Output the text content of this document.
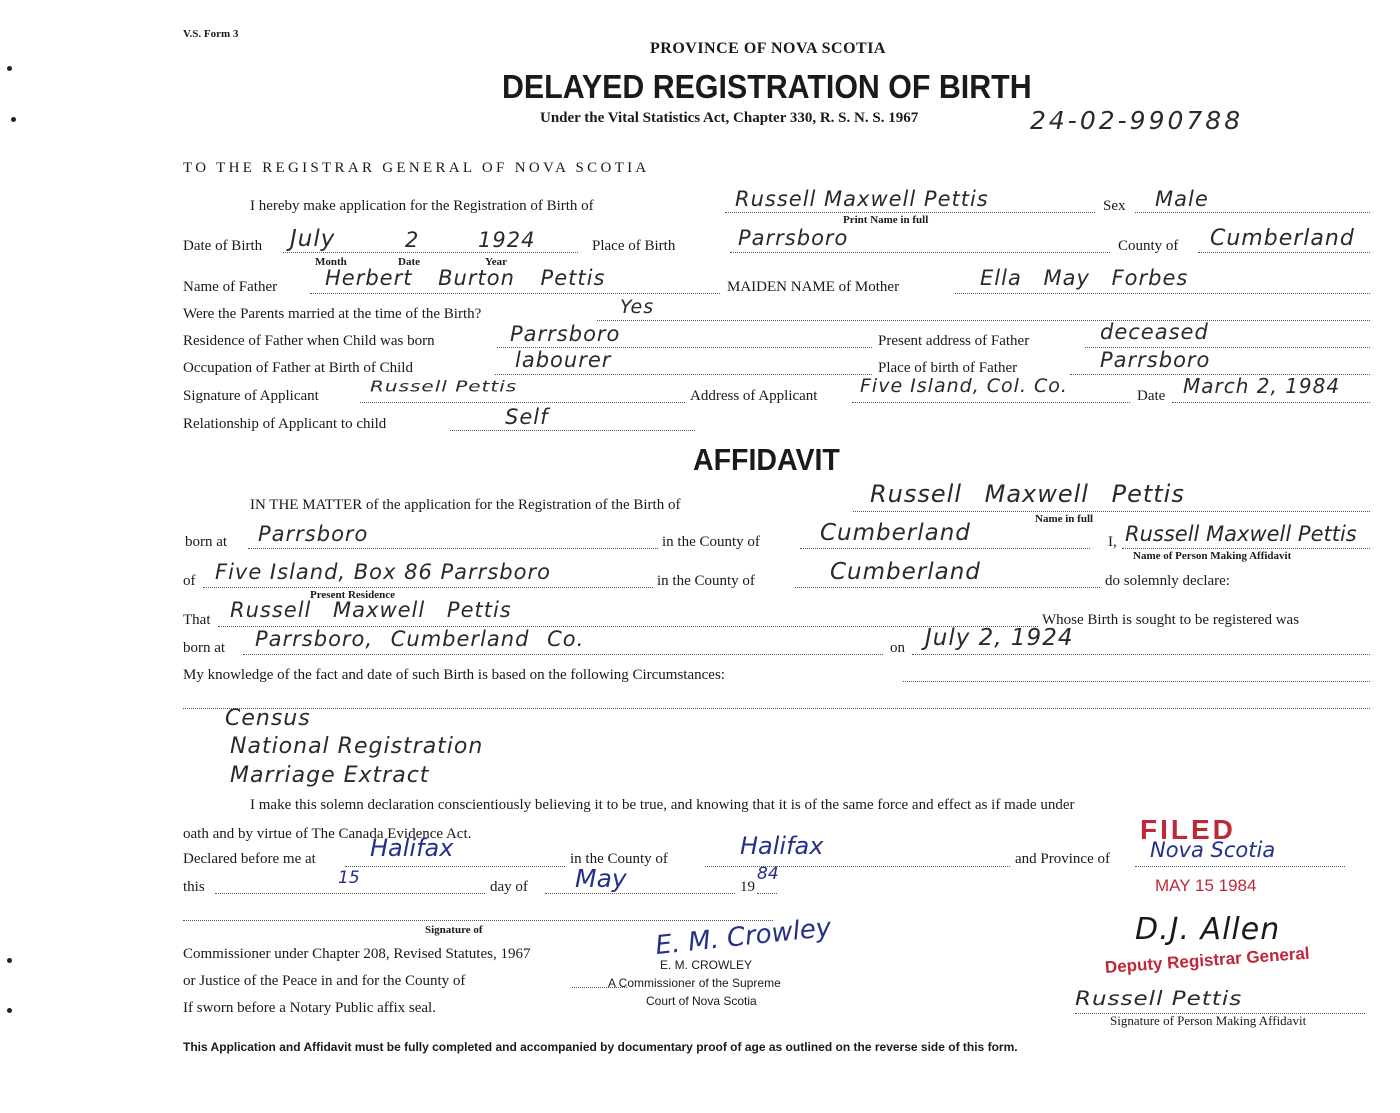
V.S. Form 3
PROVINCE OF NOVA SCOTIA
DELAYED REGISTRATION OF BIRTH
Under the Vital Statistics Act, Chapter 330, R. S. N. S. 1967	24-02-990788
TO THE REGISTRAR GENERAL OF NOVA SCOTIA
I hereby make application for the Registration of Birth of	Russell Maxwell Pettis
Print Name in full
Sex Male
Date of Birth July	2	1924
Month	Date	Year
Place of Birth	Parrsboro	County of Cumberland
Name of Father Herbert Burton Pettis	MAIDEN NAME of Mother	Ella May Forbes
Were the Parents married at the time of the Birth?	Yes
Residence of Father when Child was born	Parrsboro	Present address of Father	deceased
Occupation of Father at Birth of Child	labourer	Place of birth of Father	Parrsboro
Signature of Applicant
Russell Pettis
Address of Applicant Five Island, Col. Co.	Date March 2, 1984
Relationship of Applicant to child	Self
AFFIDAVIT
IN THE MATTER of the application for the Registration of the Birth of	Russell Maxwell Pettis
Name in full
born at Parrsboro	in the County of	Cumberland	I, Russell Maxwell Pettis
Name of Person Making Affidavit
of Five Island, Box 86 Parrsboro
Present Residence
in the County of	Cumberland	do solemnly declare:
That Russell Maxwell Pettis	Whose Birth is sought to be registered was
born at Parrsboro, Cumberland Co.	on July 2, 1924
My knowledge of the fact and date of such Birth is based on the following Circumstances:
Census
National Registration
Marriage Extract
I make this solemn declaration conscientiously believing it to be true, and knowing that it is of the same force and effect as if made under
oath and by virtue of The Canada Evidence Act.
Declared before me at Halifax	in the County of	Halifax	and Province of Nova Scotia
this	15	day of May	19
84
Signature of
Commissioner under Chapter 208, Revised Statutes, 1967
or Justice of the Peace in and for the County of
If sworn before a Notary Public affix seal.
E. M. Crowley
E. M. CROWLEY
A Commissioner of the Supreme
Court of Nova Scotia
FILED
MAY 15 1984
D.J. Allen
Deputy Registrar General
Russell Pettis
Signature of Person Making Affidavit
This Application and Affidavit must be fully completed and accompanied by documentary proof of age as outlined on the reverse side of this form.
